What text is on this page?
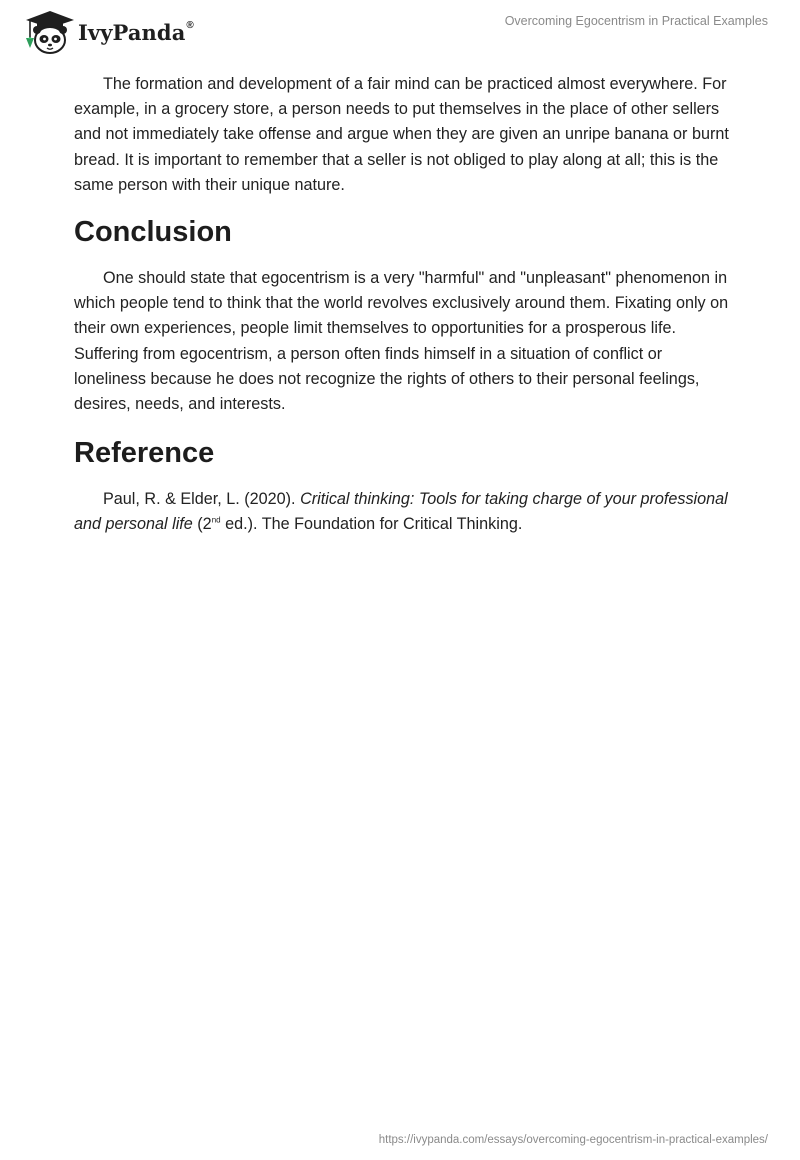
IvyPanda®	Overcoming Egocentrism in Practical Examples

The formation and development of a fair mind can be practiced almost everywhere. For example, in a grocery store, a person needs to put themselves in the place of other sellers and not immediately take offense and argue when they are given an unripe banana or burnt bread. It is important to remember that a seller is not obliged to play along at all; this is the same person with their unique nature.

Conclusion

One should state that egocentrism is a very "harmful" and "unpleasant" phenomenon in which people tend to think that the world revolves exclusively around them. Fixating only on their own experiences, people limit themselves to opportunities for a prosperous life. Suffering from egocentrism, a person often finds himself in a situation of conflict or loneliness because he does not recognize the rights of others to their personal feelings, desires, needs, and interests.

Reference

Paul, R. & Elder, L. (2020). Critical thinking: Tools for taking charge of your professional and personal life (2nd ed.). The Foundation for Critical Thinking.

https://ivypanda.com/essays/overcoming-egocentrism-in-practical-examples/
